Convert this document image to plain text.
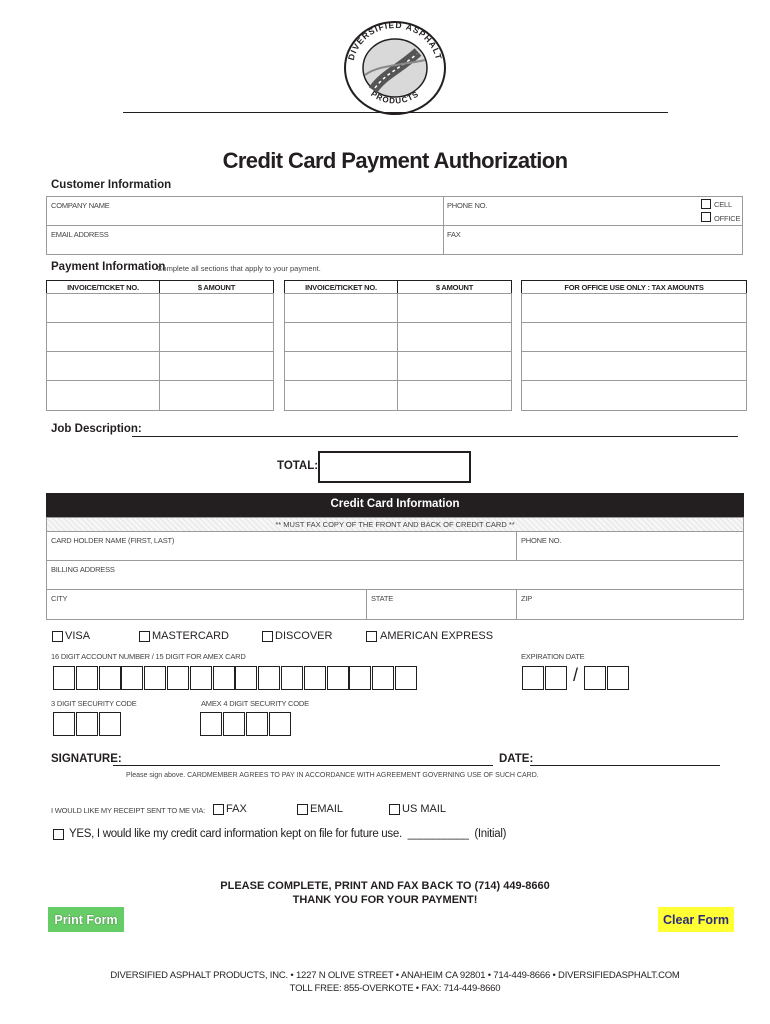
DIVERSIFIED ASPHALT
PRODUCTS
Credit Card Payment Authorization
Customer Information
COMPANY NAME	PHONE NO.	CELL
OFFICE
EMAIL ADDRESS	FAX
Payment Information
Complete all sections that apply to your payment.
INVOICE/TICKET NO.	$ AMOUNT	INVOICE/TICKET NO.	$ AMOUNT	FOR OFFICE USE ONLY : TAX AMOUNTS
Job Description:
TOTAL:
Credit Card Information
** MUST FAX COPY OF THE FRONT AND BACK OF CREDIT CARD **
CARD HOLDER NAME (FIRST, LAST)	PHONE NO.
BILLING ADDRESS
CITY	STATE	ZIP
VISA	MASTERCARD	DISCOVER	AMERICAN EXPRESS
16 DIGIT ACCOUNT NUMBER / 15 DIGIT FOR AMEX CARD	EXPIRATION DATE
/
3 DIGIT SECURITY CODE	AMEX 4 DIGIT SECURITY CODE
SIGNATURE:	DATE:
Please sign above. CARDMEMBER AGREES TO PAY IN ACCORDANCE WITH AGREEMENT GOVERNING USE OF SUCH CARD.
I WOULD LIKE MY RECEIPT SENT TO ME VIA: FAX	EMAIL	US MAIL
YES, I would like my credit card information kept on file for future use.  __________  (Initial)
PLEASE COMPLETE, PRINT AND FAX BACK TO (714) 449-8660
THANK YOU FOR YOUR PAYMENT!
Print Form	Clear Form
DIVERSIFIED ASPHALT PRODUCTS, INC. • 1227 N OLIVE STREET • ANAHEIM CA 92801 • 714-449-8666 • DIVERSIFIEDASPHALT.COM
TOLL FREE: 855-OVERKOTE • FAX: 714-449-8660
